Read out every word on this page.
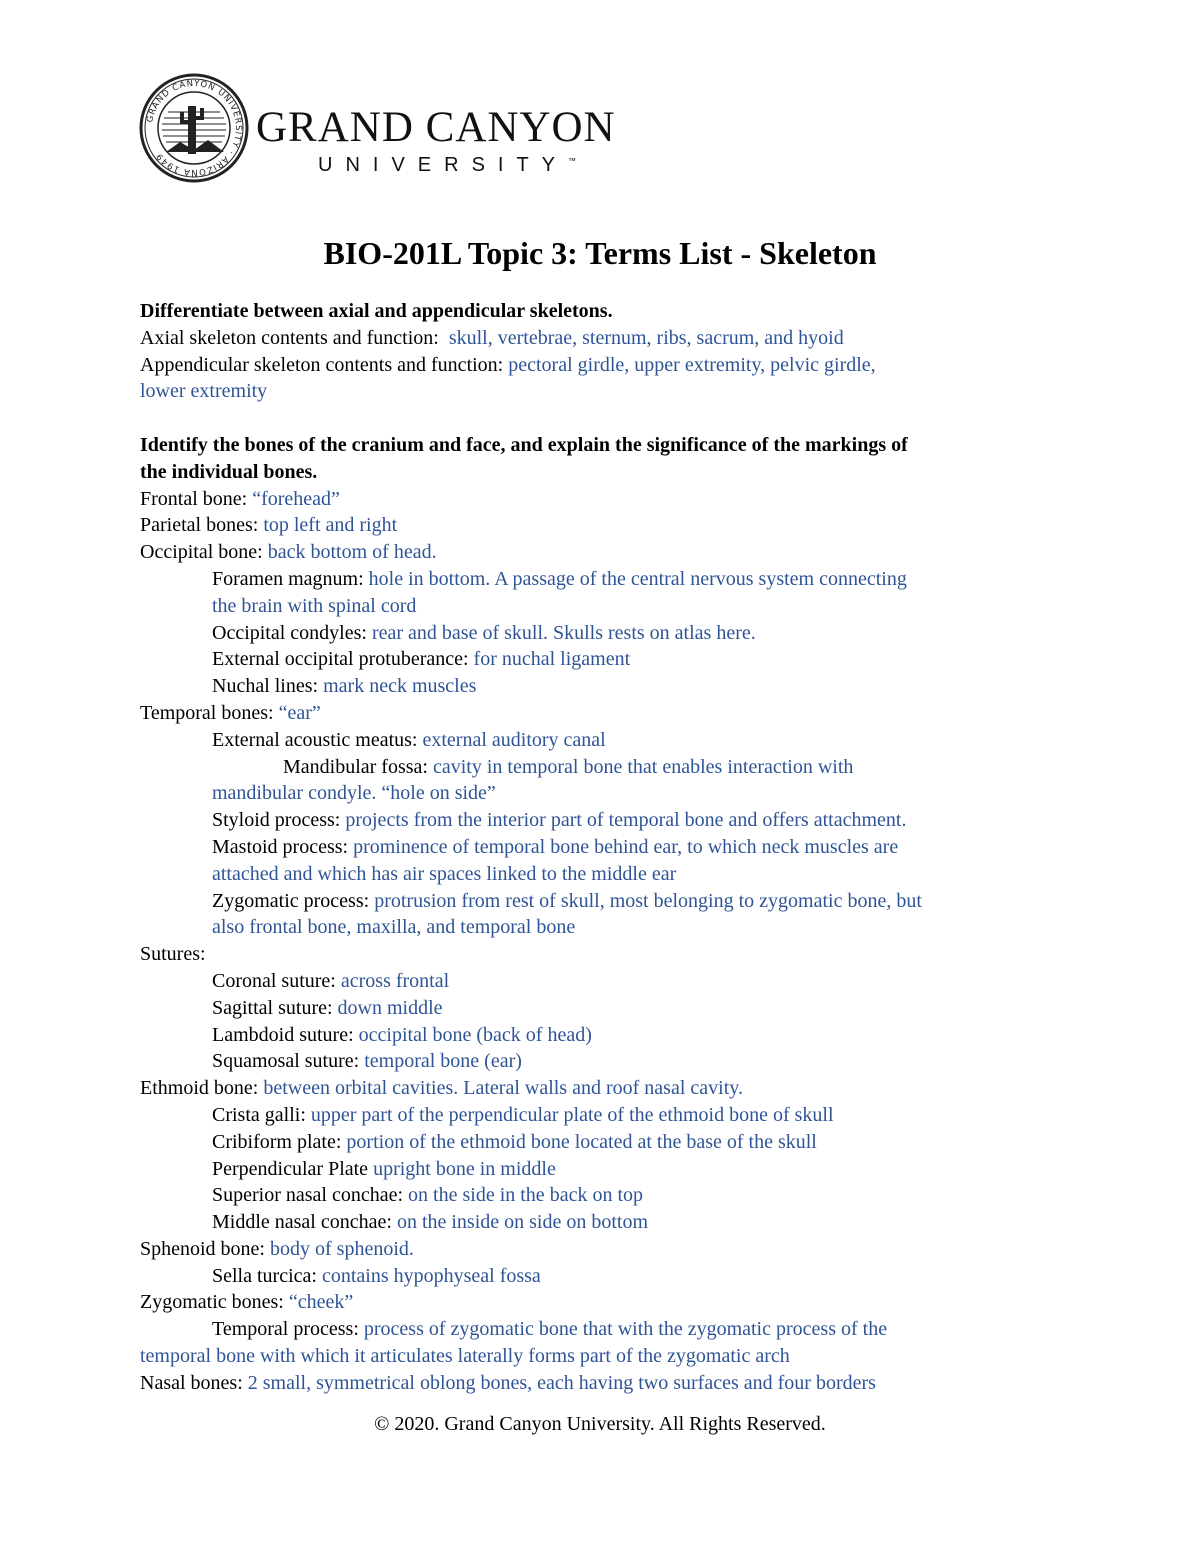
GRAND CANYON UNIVERSITY · ARIZONA 1949
GRAND CANYON
UNIVERSITY™
BIO-201L Topic 3: Terms List - Skeleton
Differentiate between axial and appendicular skeletons.
Axial skeleton contents and function: skull, vertebrae, sternum, ribs, sacrum, and hyoid
Appendicular skeleton contents and function: pectoral girdle, upper extremity, pelvic girdle,
lower extremity
Identify the bones of the cranium and face, and explain the significance of the markings of
the individual bones.
Frontal bone: “forehead”
Parietal bones: top left and right
Occipital bone: back bottom of head.
Foramen magnum: hole in bottom. A passage of the central nervous system connecting
the brain with spinal cord
Occipital condyles: rear and base of skull. Skulls rests on atlas here.
External occipital protuberance: for nuchal ligament
Nuchal lines: mark neck muscles
Temporal bones: “ear”
External acoustic meatus: external auditory canal
Mandibular fossa: cavity in temporal bone that enables interaction with
mandibular condyle. “hole on side”
Styloid process: projects from the interior part of temporal bone and offers attachment.
Mastoid process: prominence of temporal bone behind ear, to which neck muscles are
attached and which has air spaces linked to the middle ear
Zygomatic process: protrusion from rest of skull, most belonging to zygomatic bone, but
also frontal bone, maxilla, and temporal bone
Sutures:
Coronal suture: across frontal
Sagittal suture: down middle
Lambdoid suture: occipital bone (back of head)
Squamosal suture: temporal bone (ear)
Ethmoid bone: between orbital cavities. Lateral walls and roof nasal cavity.
Crista galli: upper part of the perpendicular plate of the ethmoid bone of skull
Cribiform plate: portion of the ethmoid bone located at the base of the skull
Perpendicular Plate upright bone in middle
Superior nasal conchae: on the side in the back on top
Middle nasal conchae: on the inside on side on bottom
Sphenoid bone: body of sphenoid.
Sella turcica: contains hypophyseal fossa
Zygomatic bones: “cheek”
Temporal process: process of zygomatic bone that with the zygomatic process of the
temporal bone with which it articulates laterally forms part of the zygomatic arch
Nasal bones: 2 small, symmetrical oblong bones, each having two surfaces and four borders
© 2020. Grand Canyon University. All Rights Reserved.
